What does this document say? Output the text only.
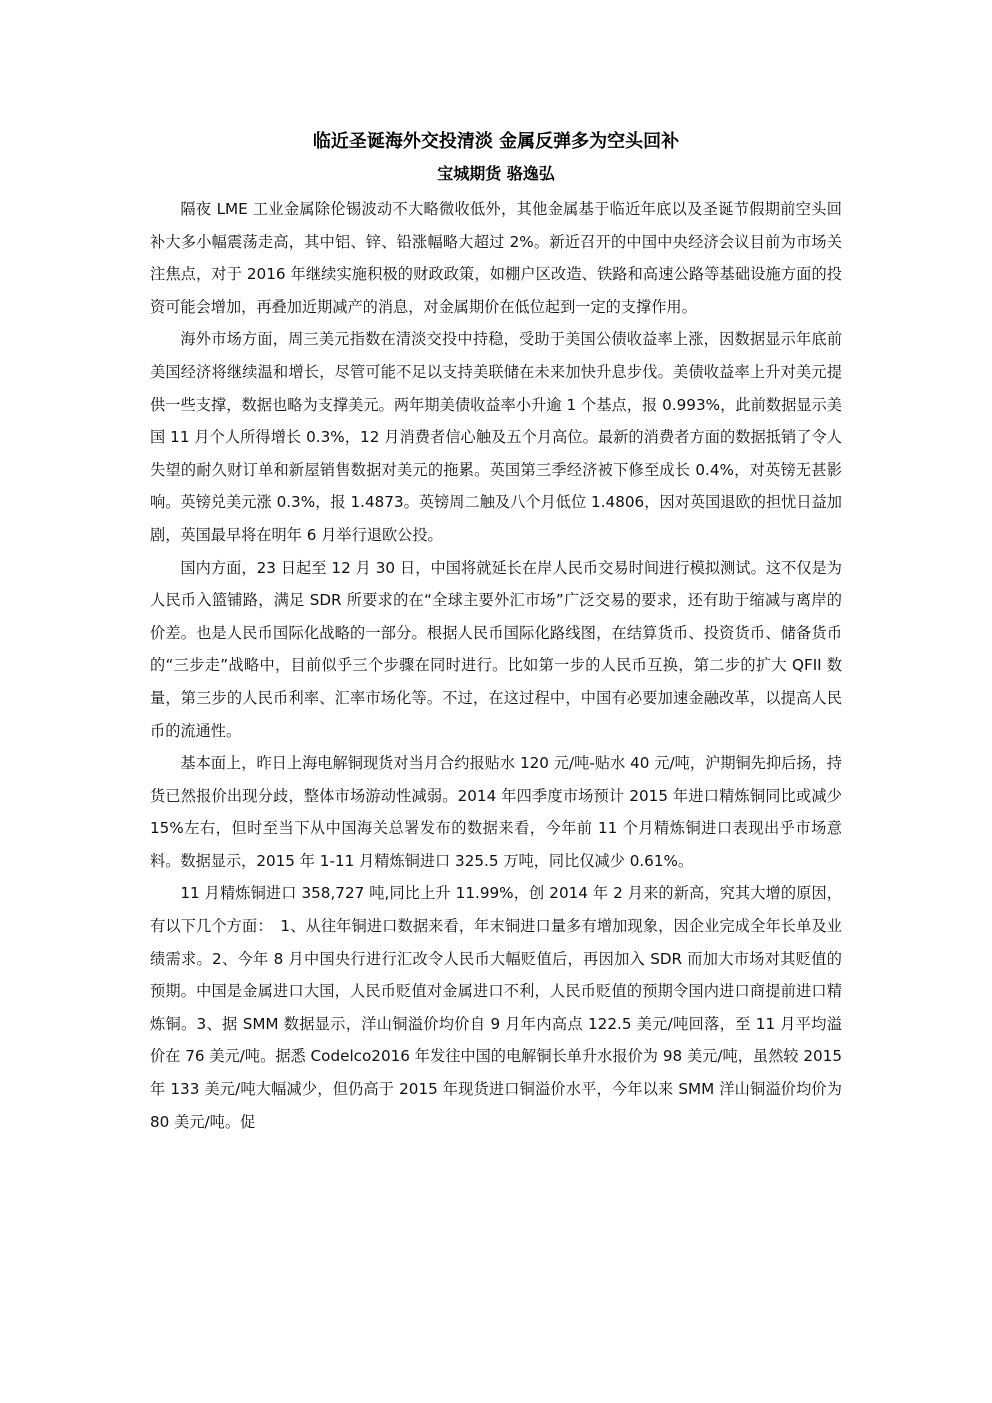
临近圣诞海外交投清淡 金属反弹多为空头回补
宝城期货 骆逸弘

隔夜 LME 工业金属除伦锡波动不大略微收低外，其他金属基于临近年底以及圣诞节假期前空头回补大多小幅震荡走高，其中铝、锌、铅涨幅略大超过 2%。新近召开的中国中央经济会议目前为市场关注焦点，对于 2016 年继续实施积极的财政政策，如棚户区改造、铁路和高速公路等基础设施方面的投资可能会增加，再叠加近期减产的消息，对金属期价在低位起到一定的支撑作用。

海外市场方面，周三美元指数在清淡交投中持稳，受助于美国公债收益率上涨，因数据显示年底前美国经济将继续温和增长，尽管可能不足以支持美联储在未来加快升息步伐。美债收益率上升对美元提供一些支撑，数据也略为支撑美元。两年期美债收益率小升逾 1 个基点，报 0.993%，此前数据显示美国 11 月个人所得增长 0.3%，12 月消费者信心触及五个月高位。最新的消费者方面的数据抵销了令人失望的耐久财订单和新屋销售数据对美元的拖累。英国第三季经济被下修至成长 0.4%，对英镑无甚影响。英镑兑美元涨 0.3%，报 1.4873。英镑周二触及八个月低位 1.4806，因对英国退欧的担忧日益加剧，英国最早将在明年 6 月举行退欧公投。

国内方面，23 日起至 12 月 30 日，中国将就延长在岸人民币交易时间进行模拟测试。这不仅是为人民币入篮铺路，满足 SDR 所要求的在“全球主要外汇市场”广泛交易的要求，还有助于缩减与离岸的价差。也是人民币国际化战略的一部分。根据人民币国际化路线图，在结算货币、投资货币、储备货币的“三步走”战略中，目前似乎三个步骤在同时进行。比如第一步的人民币互换，第二步的扩大 QFII 数量，第三步的人民币利率、汇率市场化等。不过，在这过程中，中国有必要加速金融改革，以提高人民币的流通性。

基本面上，昨日上海电解铜现货对当月合约报贴水 120 元/吨-贴水 40 元/吨，沪期铜先抑后扬，持货已然报价出现分歧，整体市场游动性减弱。2014 年四季度市场预计 2015 年进口精炼铜同比或减少 15%左右，但时至当下从中国海关总署发布的数据来看，今年前 11 个月精炼铜进口表现出乎市场意料。数据显示，2015 年 1-11 月精炼铜进口 325.5 万吨，同比仅减少 0.61%。

11 月精炼铜进口 358,727 吨,同比上升 11.99%，创 2014 年 2 月来的新高，究其大增的原因，有以下几个方面：　1、从往年铜进口数据来看，年末铜进口量多有增加现象，因企业完成全年长单及业绩需求。2、今年 8 月中国央行进行汇改令人民币大幅贬值后，再因加入 SDR 而加大市场对其贬值的预期。中国是金属进口大国，人民币贬值对金属进口不利，人民币贬值的预期令国内进口商提前进口精炼铜。3、据 SMM 数据显示，洋山铜溢价均价自 9 月年内高点 122.5 美元/吨回落，至 11 月平均溢价在 76 美元/吨。据悉 Codelco2016 年发往中国的电解铜长单升水报价为 98 美元/吨，虽然较 2015 年 133 美元/吨大幅减少，但仍高于 2015 年现货进口铜溢价水平，今年以来 SMM 洋山铜溢价均价为 80 美元/吨。促
